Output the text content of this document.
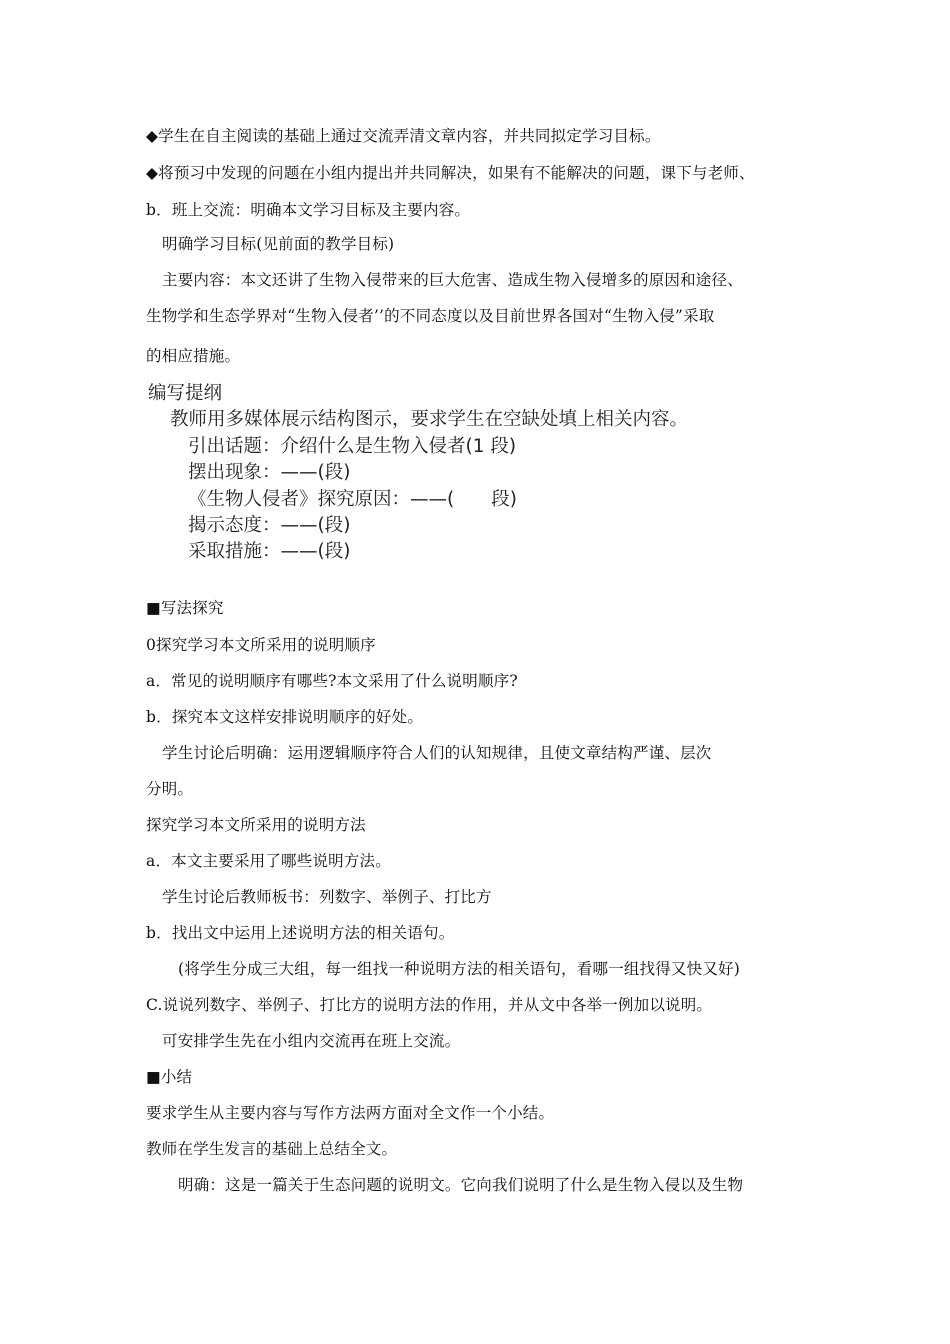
◆学生在自主阅读的基础上通过交流弄清文章内容，并共同拟定学习目标。
◆将预习中发现的问题在小组内提出并共同解决，如果有不能解决的问题，课下与老师、
b．班上交流：明确本文学习目标及主要内容。
明确学习目标(见前面的教学目标)
主要内容：本文还讲了生物入侵带来的巨大危害、造成生物入侵增多的原因和途径、
生物学和生态学界对“生物入侵者’’的不同态度以及目前世界各国对“生物入侵”采取
的相应措施。
编写提纲
教师用多媒体展示结构图示，要求学生在空缺处填上相关内容。
引出话题：介绍什么是生物入侵者(1 段)
摆出现象：——(段)
《生物人侵者》探究原因：——(　　段)
揭示态度：——(段)
采取措施：——(段)
■写法探究
0探究学习本文所采用的说明顺序
a．常见的说明顺序有哪些?本文采用了什么说明顺序?
b．探究本文这样安排说明顺序的好处。
学生讨论后明确：运用逻辑顺序符合人们的认知规律，且使文章结构严谨、层次
分明。
探究学习本文所采用的说明方法
a．本文主要采用了哪些说明方法。
学生讨论后教师板书：列数字、举例子、打比方
b．找出文中运用上述说明方法的相关语句。
(将学生分成三大组，每一组找一种说明方法的相关语句，看哪一组找得又快又好)
C.说说列数字、举例子、打比方的说明方法的作用，并从文中各举一例加以说明。
可安排学生先在小组内交流再在班上交流。
■小结
要求学生从主要内容与写作方法两方面对全文作一个小结。
教师在学生发言的基础上总结全文。
明确：这是一篇关于生态问题的说明文。它向我们说明了什么是生物入侵以及生物
